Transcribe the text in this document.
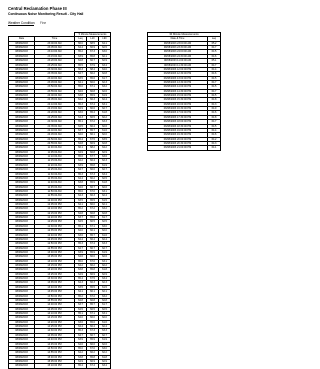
Central Reclamation Phase III
Continuous Noise Monitoring Result - City Hall
Weather Condition: Fine
		5 Minute Measurements		
Date	Time	Leq	L10	L90
08/08/2003	23:00:00 AM	66.0	68.5	64.1
08/08/2003	23:05:00 AM	64.4	66.9	62.5
08/08/2003	23:10:00 AM	65.2	67.3	63.0
08/08/2003	23:15:00 AM	63.9	65.8	62.1
08/08/2003	23:20:00 AM	64.8	66.7	62.9
08/08/2003	23:25:00 AM	65.5	67.9	63.4
08/08/2003	23:30:00 AM	66.3	68.4	64.0
08/08/2003	23:35:00 AM	64.7	66.2	62.8
08/08/2003	23:40:00 AM	63.5	65.6	61.7
08/08/2003	23:45:00 AM	64.1	66.0	62.3
08/08/2003	23:50:00 AM	65.0	67.1	63.2
08/08/2003	23:55:00 AM	64.6	66.8	62.6
08/08/2003	24:00:00 AM	63.8	65.9	61.9
08/08/2003	24:05:00 AM	64.2	66.3	62.4
08/08/2003	24:10:00 AM	65.3	67.4	63.1
08/08/2003	24:15:00 AM	64.9	66.6	62.7
08/08/2003	24:20:00 AM	63.6	65.4	61.8
08/08/2003	24:25:00 AM	64.3	66.5	62.2
08/08/2003	24:30:00 AM	65.1	67.2	63.3
08/08/2003	24:35:00 AM	64.5	66.4	62.6
08/08/2003	24:40:00 AM	63.7	65.7	61.6
08/08/2003	24:45:00 AM	64.0	66.1	62.0
08/08/2003	24:50:00 AM	65.4	67.5	63.5
08/08/2003	24:55:00 AM	64.8	66.9	62.8
08/08/2003	11:00:00 AM	66.1	68.2	64.2
08/08/2003	11:05:00 AM	64.9	66.8	62.9
08/08/2003	11:10:00 AM	65.6	67.7	63.6
08/08/2003	11:15:00 AM	64.2	66.4	62.3
08/08/2003	11:20:00 AM	63.9	65.8	61.9
08/08/2003	11:25:00 AM	64.7	66.6	62.7
08/08/2003	11:30:00 AM	65.3	67.3	63.4
08/08/2003	11:35:00 AM	64.4	66.2	62.5
08/08/2003	11:40:00 AM	63.8	65.9	61.8
08/08/2003	11:45:00 AM	64.6	66.7	62.6
08/08/2003	11:50:00 AM	65.0	67.0	63.1
08/08/2003	11:55:00 AM	64.3	66.3	62.4
08/08/2003	12:00:00 PM	63.5	65.5	61.5
08/08/2003	12:05:00 PM	64.1	66.0	62.1
08/08/2003	12:10:00 PM	65.2	67.2	63.2
08/08/2003	12:15:00 PM	64.8	66.8	62.8
08/08/2003	12:20:00 PM	63.7	65.6	61.7
08/08/2003	12:25:00 PM	64.5	66.5	62.5
08/08/2003	12:30:00 PM	65.1	67.1	63.0
08/08/2003	12:35:00 PM	64.0	66.1	62.0
08/08/2003	12:40:00 PM	63.6	65.7	61.6
08/08/2003	12:45:00 PM	64.4	66.4	62.4
08/08/2003	12:50:00 PM	65.3	67.4	63.3
08/08/2003	12:55:00 PM	64.7	66.7	62.7
08/08/2003	13:00:00 PM	63.9	65.9	61.9
08/08/2003	13:05:00 PM	64.6	66.6	62.6
08/08/2003	13:10:00 PM	65.0	67.0	63.1
08/08/2003	13:15:00 PM	64.2	66.2	62.2
08/08/2003	13:20:00 PM	63.8	65.8	61.8
08/08/2003	13:25:00 PM	64.9	66.9	62.9
08/08/2003	13:30:00 PM	65.4	67.5	63.4
08/08/2003	13:35:00 PM	64.3	66.3	62.3
08/08/2003	13:40:00 PM	63.5	65.5	61.5
08/08/2003	13:45:00 PM	64.1	66.1	62.1
08/08/2003	13:50:00 PM	65.2	67.2	63.2
08/08/2003	13:55:00 PM	64.8	66.8	62.8
08/08/2003	14:00:00 PM	63.7	65.7	61.7
08/08/2003	14:05:00 PM	64.5	66.5	62.5
08/08/2003	14:10:00 PM	65.1	67.1	63.1
08/08/2003	14:15:00 PM	64.0	66.0	62.0
08/08/2003	14:20:00 PM	63.6	65.6	61.6
08/08/2003	14:25:00 PM	64.4	66.4	62.4
08/08/2003	14:30:00 PM	65.3	67.3	63.3
08/08/2003	14:35:00 PM	64.7	66.7	62.7
08/08/2003	14:40:00 PM	63.9	65.9	61.9
08/08/2003	14:45:00 PM	64.6	66.6	62.6
08/08/2003	14:50:00 PM	65.0	67.0	63.0
08/08/2003	14:55:00 PM	64.2	66.2	62.2
08/08/2003	15:00:00 PM	63.8	65.8	61.8
08/08/2003	15:05:00 PM	64.9	66.9	62.9
08/08/2003	15:10:00 PM	65.4	67.4	63.4
30 Minute Measurements	
Date & Time	Leq
08/08/2003 23:00:00 AM	65.2
08/08/2003 23:30:00 AM	64.7
08/08/2003 24:00:00 AM	64.5
08/08/2003 24:30:00 AM	64.6
08/08/2003 11:00:00 AM	65.1
08/08/2003 11:30:00 AM	64.7
08/08/2003 12:00:00 PM	64.4
08/08/2003 12:30:00 PM	64.6
08/08/2003 13:00:00 PM	64.5
08/08/2003 13:30:00 PM	64.7
08/08/2003 14:00:00 PM	64.5
08/08/2003 14:30:00 PM	64.7
08/08/2003 15:00:00 PM	64.5
08/08/2003 15:30:00 PM	64.8
08/08/2003 16:00:00 PM	64.3
08/08/2003 16:30:00 PM	64.9
08/08/2003 17:00:00 PM	64.6
08/08/2003 17:30:00 PM	64.8
08/08/2003 18:00:00 PM	64.7
08/08/2003 18:30:00 PM	64.5
08/08/2003 19:00:00 PM	64.4
08/08/2003 19:30:00 PM	64.6
08/08/2003 20:00:00 PM	64.2
08/08/2003 20:30:00 PM	64.3
08/08/2003 21:00:00 PM	64.1
